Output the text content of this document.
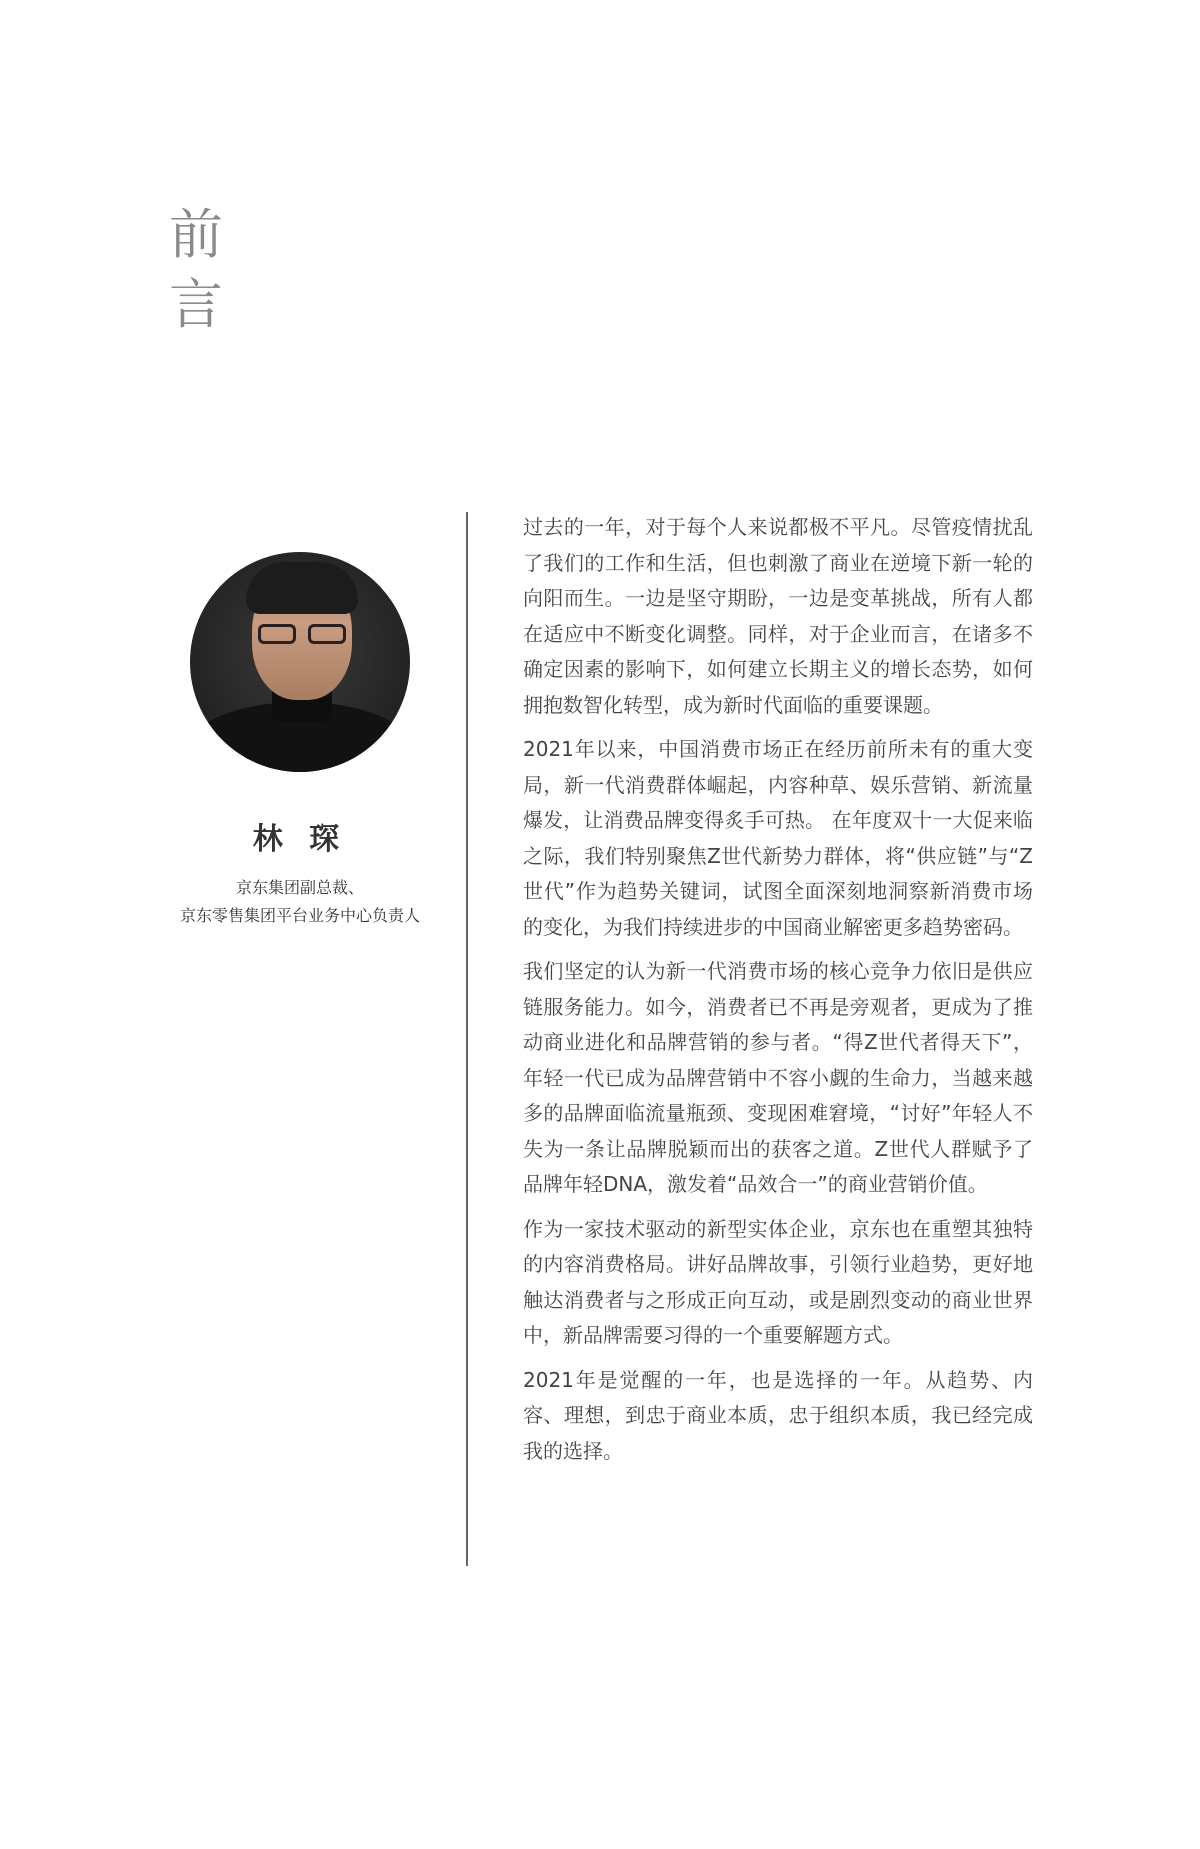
前
言
林 琛
京东集团副总裁、
京东零售集团平台业务中心负责人

过去的一年，对于每个人来说都极不平凡。尽管疫情扰乱了我们的工作和生活，但也刺激了商业在逆境下新一轮的向阳而生。一边是坚守期盼，一边是变革挑战，所有人都在适应中不断变化调整。同样，对于企业而言，在诸多不确定因素的影响下，如何建立长期主义的增长态势，如何拥抱数智化转型，成为新时代面临的重要课题。

2021年以来，中国消费市场正在经历前所未有的重大变局，新一代消费群体崛起，内容种草、娱乐营销、新流量爆发，让消费品牌变得炙手可热。 在年度双十一大促来临之际，我们特别聚焦Z世代新势力群体，将“供应链”与“Z世代”作为趋势关键词，试图全面深刻地洞察新消费市场的变化，为我们持续进步的中国商业解密更多趋势密码。

我们坚定的认为新一代消费市场的核心竞争力依旧是供应链服务能力。如今，消费者已不再是旁观者，更成为了推动商业进化和品牌营销的参与者。“得Z世代者得天下”，年轻一代已成为品牌营销中不容小觑的生命力，当越来越多的品牌面临流量瓶颈、变现困难窘境，“讨好”年轻人不失为一条让品牌脱颖而出的获客之道。Z世代人群赋予了品牌年轻DNA，激发着“品效合一”的商业营销价值。

作为一家技术驱动的新型实体企业，京东也在重塑其独特的内容消费格局。讲好品牌故事，引领行业趋势，更好地触达消费者与之形成正向互动，或是剧烈变动的商业世界中，新品牌需要习得的一个重要解题方式。

2021年是觉醒的一年，也是选择的一年。从趋势、内容、理想，到忠于商业本质，忠于组织本质，我已经完成我的选择。
